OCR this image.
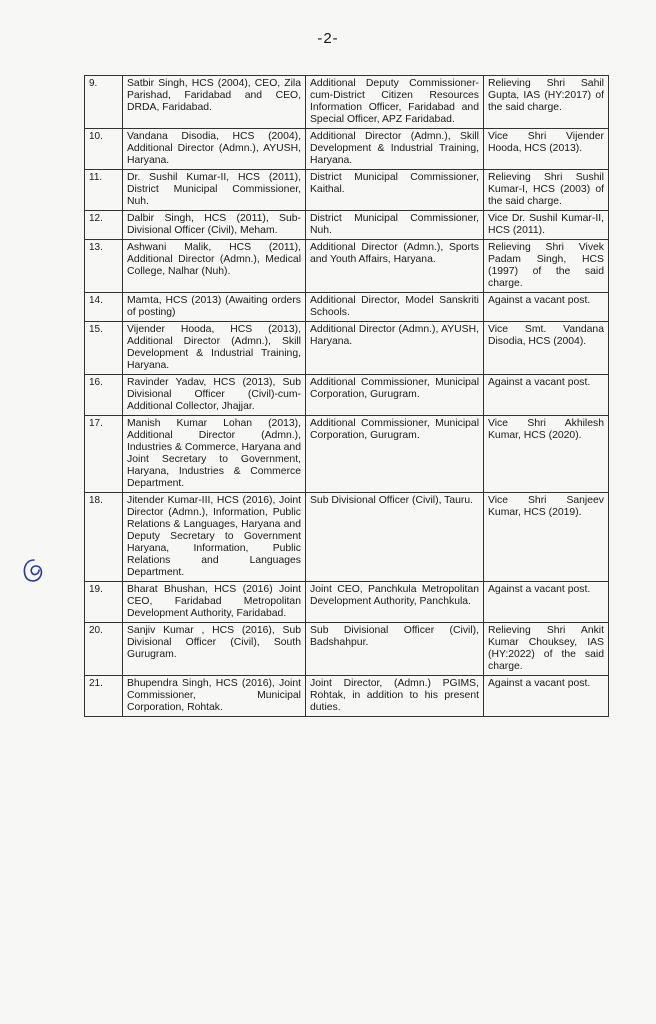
-2-
9.	Satbir Singh, HCS (2004), CEO, Zila Parishad, Faridabad and CEO, DRDA, Faridabad.	Additional Deputy Commissioner-cum-District Citizen Resources Information Officer, Faridabad and Special Officer, APZ Faridabad.	Relieving Shri Sahil Gupta, IAS (HY:2017) of the said charge.
10.	Vandana Disodia, HCS (2004), Additional Director (Admn.), AYUSH, Haryana.	Additional Director (Admn.), Skill Development & Industrial Training, Haryana.	Vice Shri Vijender Hooda, HCS (2013).
11.	Dr. Sushil Kumar-II, HCS (2011), District Municipal Commissioner, Nuh.	District Municipal Commissioner, Kaithal.	Relieving Shri Sushil Kumar-I, HCS (2003) of the said charge.
12.	Dalbir Singh, HCS (2011), Sub-Divisional Officer (Civil), Meham.	District Municipal Commissioner, Nuh.	Vice Dr. Sushil Kumar-II, HCS (2011).
13.	Ashwani Malik, HCS (2011), Additional Director (Admn.), Medical College, Nalhar (Nuh).	Additional Director (Admn.), Sports and Youth Affairs, Haryana.	Relieving Shri Vivek Padam Singh, HCS (1997) of the said charge.
14.	Mamta, HCS (2013) (Awaiting orders of posting)	Additional Director, Model Sanskriti Schools.	Against a vacant post.
15.	Vijender Hooda, HCS (2013), Additional Director (Admn.), Skill Development & Industrial Training, Haryana.	Additional Director (Admn.), AYUSH, Haryana.	Vice Smt. Vandana Disodia, HCS (2004).
16.	Ravinder Yadav, HCS (2013), Sub Divisional Officer (Civil)-cum-Additional Collector, Jhajjar.	Additional Commissioner, Municipal Corporation, Gurugram.	Against a vacant post.
17.	Manish Kumar Lohan (2013), Additional Director (Admn.), Industries & Commerce, Haryana and Joint Secretary to Government, Haryana, Industries & Commerce Department.	Additional Commissioner, Municipal Corporation, Gurugram.	Vice Shri Akhilesh Kumar, HCS (2020).
18.	Jitender Kumar-III, HCS (2016), Joint Director (Admn.), Information, Public Relations & Languages, Haryana and Deputy Secretary to Government Haryana, Information, Public Relations and Languages Department.	Sub Divisional Officer (Civil), Tauru.	Vice Shri Sanjeev Kumar, HCS (2019).
19.	Bharat Bhushan, HCS (2016) Joint CEO, Faridabad Metropolitan Development Authority, Faridabad.	Joint CEO, Panchkula Metropolitan Development Authority, Panchkula.	Against a vacant post.
20.	Sanjiv Kumar , HCS (2016), Sub Divisional Officer (Civil), South Gurugram.	Sub Divisional Officer (Civil), Badshahpur.	Relieving Shri Ankit Kumar Chouksey, IAS (HY:2022) of the said charge.
21.	Bhupendra Singh, HCS (2016), Joint Commissioner, Municipal Corporation, Rohtak.	Joint Director, (Admn.) PGIMS, Rohtak, in addition to his present duties.	Against a vacant post.
